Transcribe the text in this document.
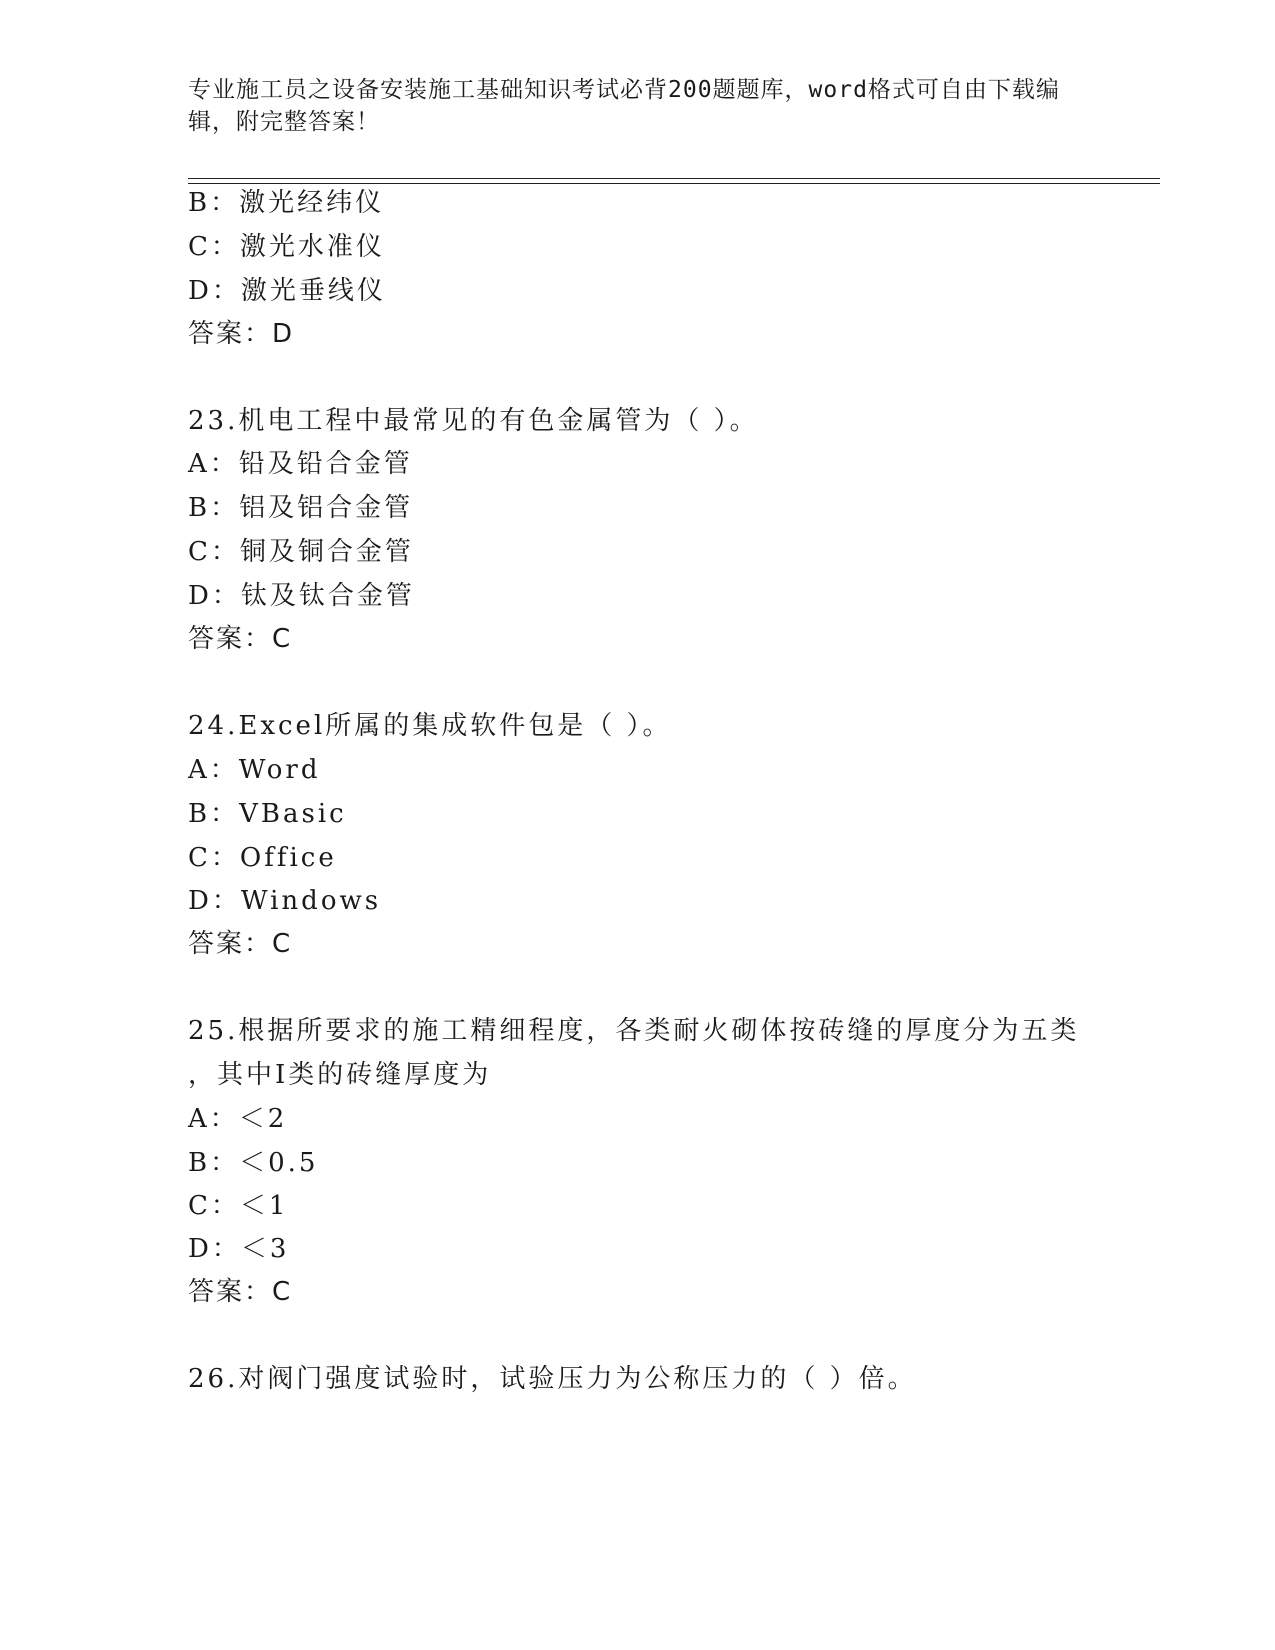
专业施工员之设备安装施工基础知识考试必背200题题库，word格式可自由下载编辑，附完整答案！
B：激光经纬仪
C：激光水准仪
D：激光垂线仪
答案：D
23.机电工程中最常见的有色金属管为（ ）。
A：铅及铅合金管
B：铝及铝合金管
C：铜及铜合金管
D：钛及钛合金管
答案：C
24.Excel所属的集成软件包是（ ）。
A：Word
B：VBasic
C：Office
D：Windows
答案：C
25.根据所要求的施工精细程度，各类耐火砌体按砖缝的厚度分为五类
，其中Ⅰ类的砖缝厚度为
A：＜2
B：＜0.5
C：＜1
D：＜3
答案：C
26.对阀门强度试验时，试验压力为公称压力的（ ）倍。
